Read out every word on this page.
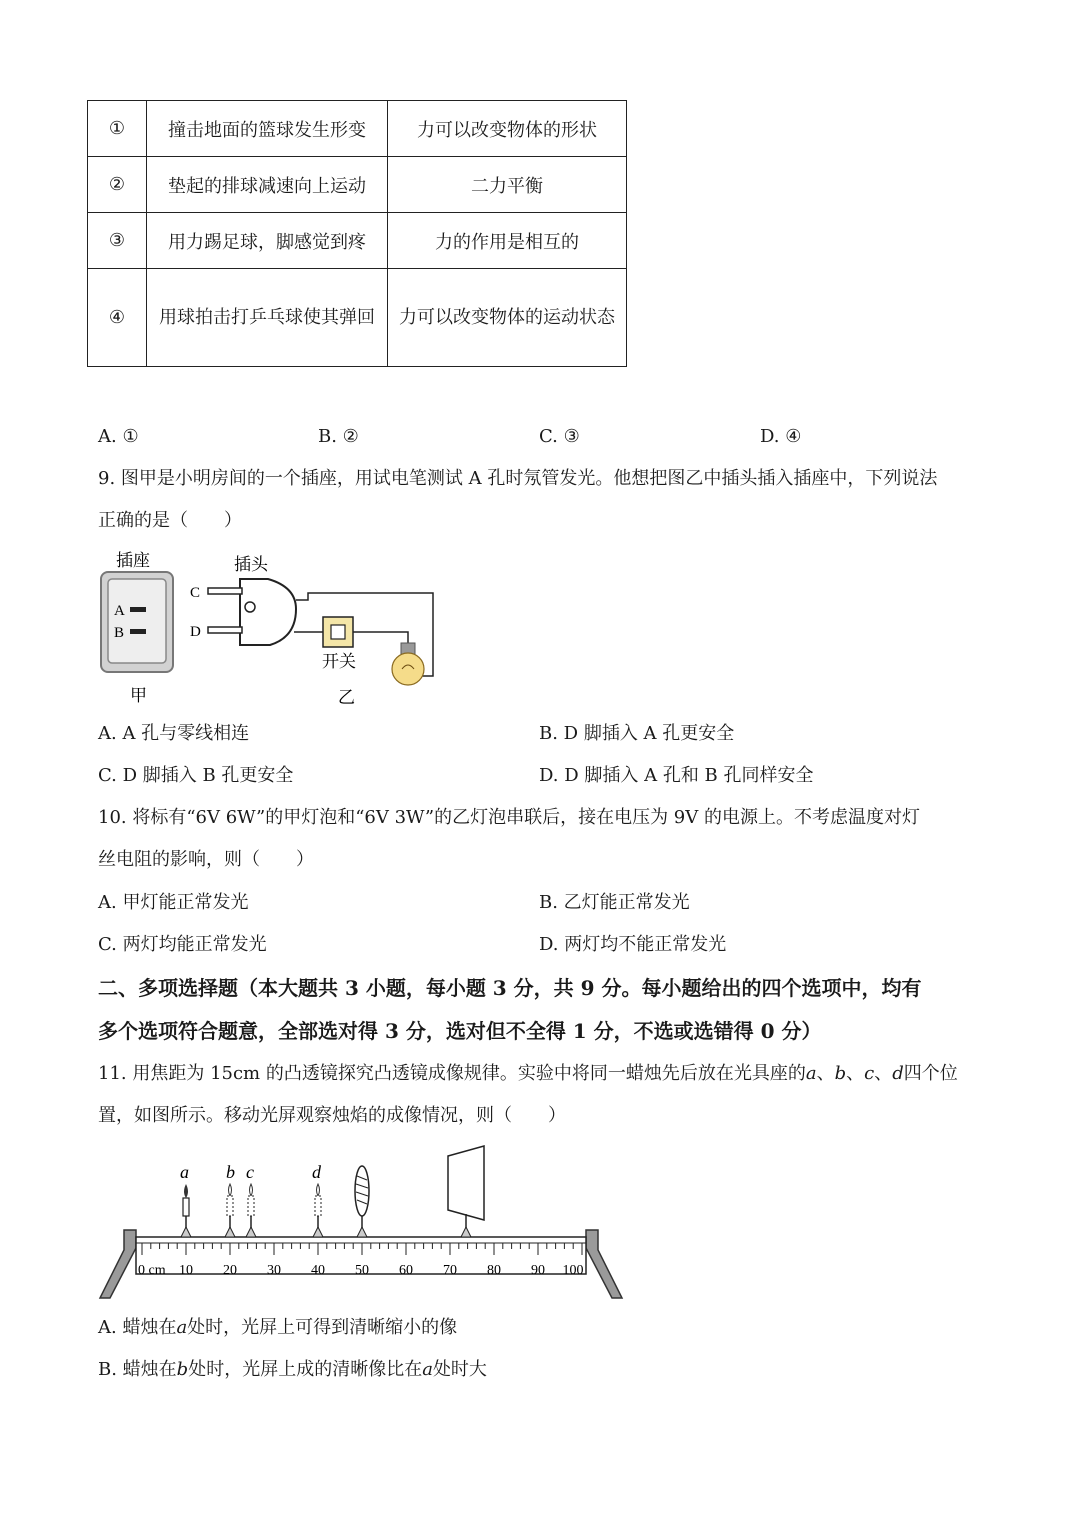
①	撞击地面的篮球发生形变	力可以改变物体的形状
②	垫起的排球减速向上运动	二力平衡
③	用力踢足球，脚感觉到疼	力的作用是相互的
④	用球拍击打乒乓球使其弹回	力可以改变物体的运动状态
A. ①	B. ②	C. ③	D. ④
9. 图甲是小明房间的一个插座，用试电笔测试 A 孔时氖管发光。他想把图乙中插头插入插座中，下列说法
正确的是（　　）
A
B
插座
甲
插头
C
D
开关
乙
A. A 孔与零线相连	B. D 脚插入 A 孔更安全
C. D 脚插入 B 孔更安全	D. D 脚插入 A 孔和 B 孔同样安全
10. 将标有“6V 6W”的甲灯泡和“6V 3W”的乙灯泡串联后，接在电压为 9V 的电源上。不考虑温度对灯
丝电阻的影响，则（　　）
A. 甲灯能正常发光	B. 乙灯能正常发光
C. 两灯均能正常发光	D. 两灯均不能正常发光
二、多项选择题（本大题共 3 小题，每小题 3 分，共 9 分。每小题给出的四个选项中，均有
多个选项符合题意，全部选对得 3 分，选对但不全得 1 分，不选或选错得 0 分）
11. 用焦距为 15cm 的凸透镜探究凸透镜成像规律。实验中将同一蜡烛先后放在光具座的a、b、c、d四个位
置，如图所示。移动光屏观察烛焰的成像情况，则（　　）
0 cm 10 20 30 40 50 60 70 80 90 100
a b c	d
A. 蜡烛在a处时，光屏上可得到清晰缩小的像
B. 蜡烛在b处时，光屏上成的清晰像比在a处时大
